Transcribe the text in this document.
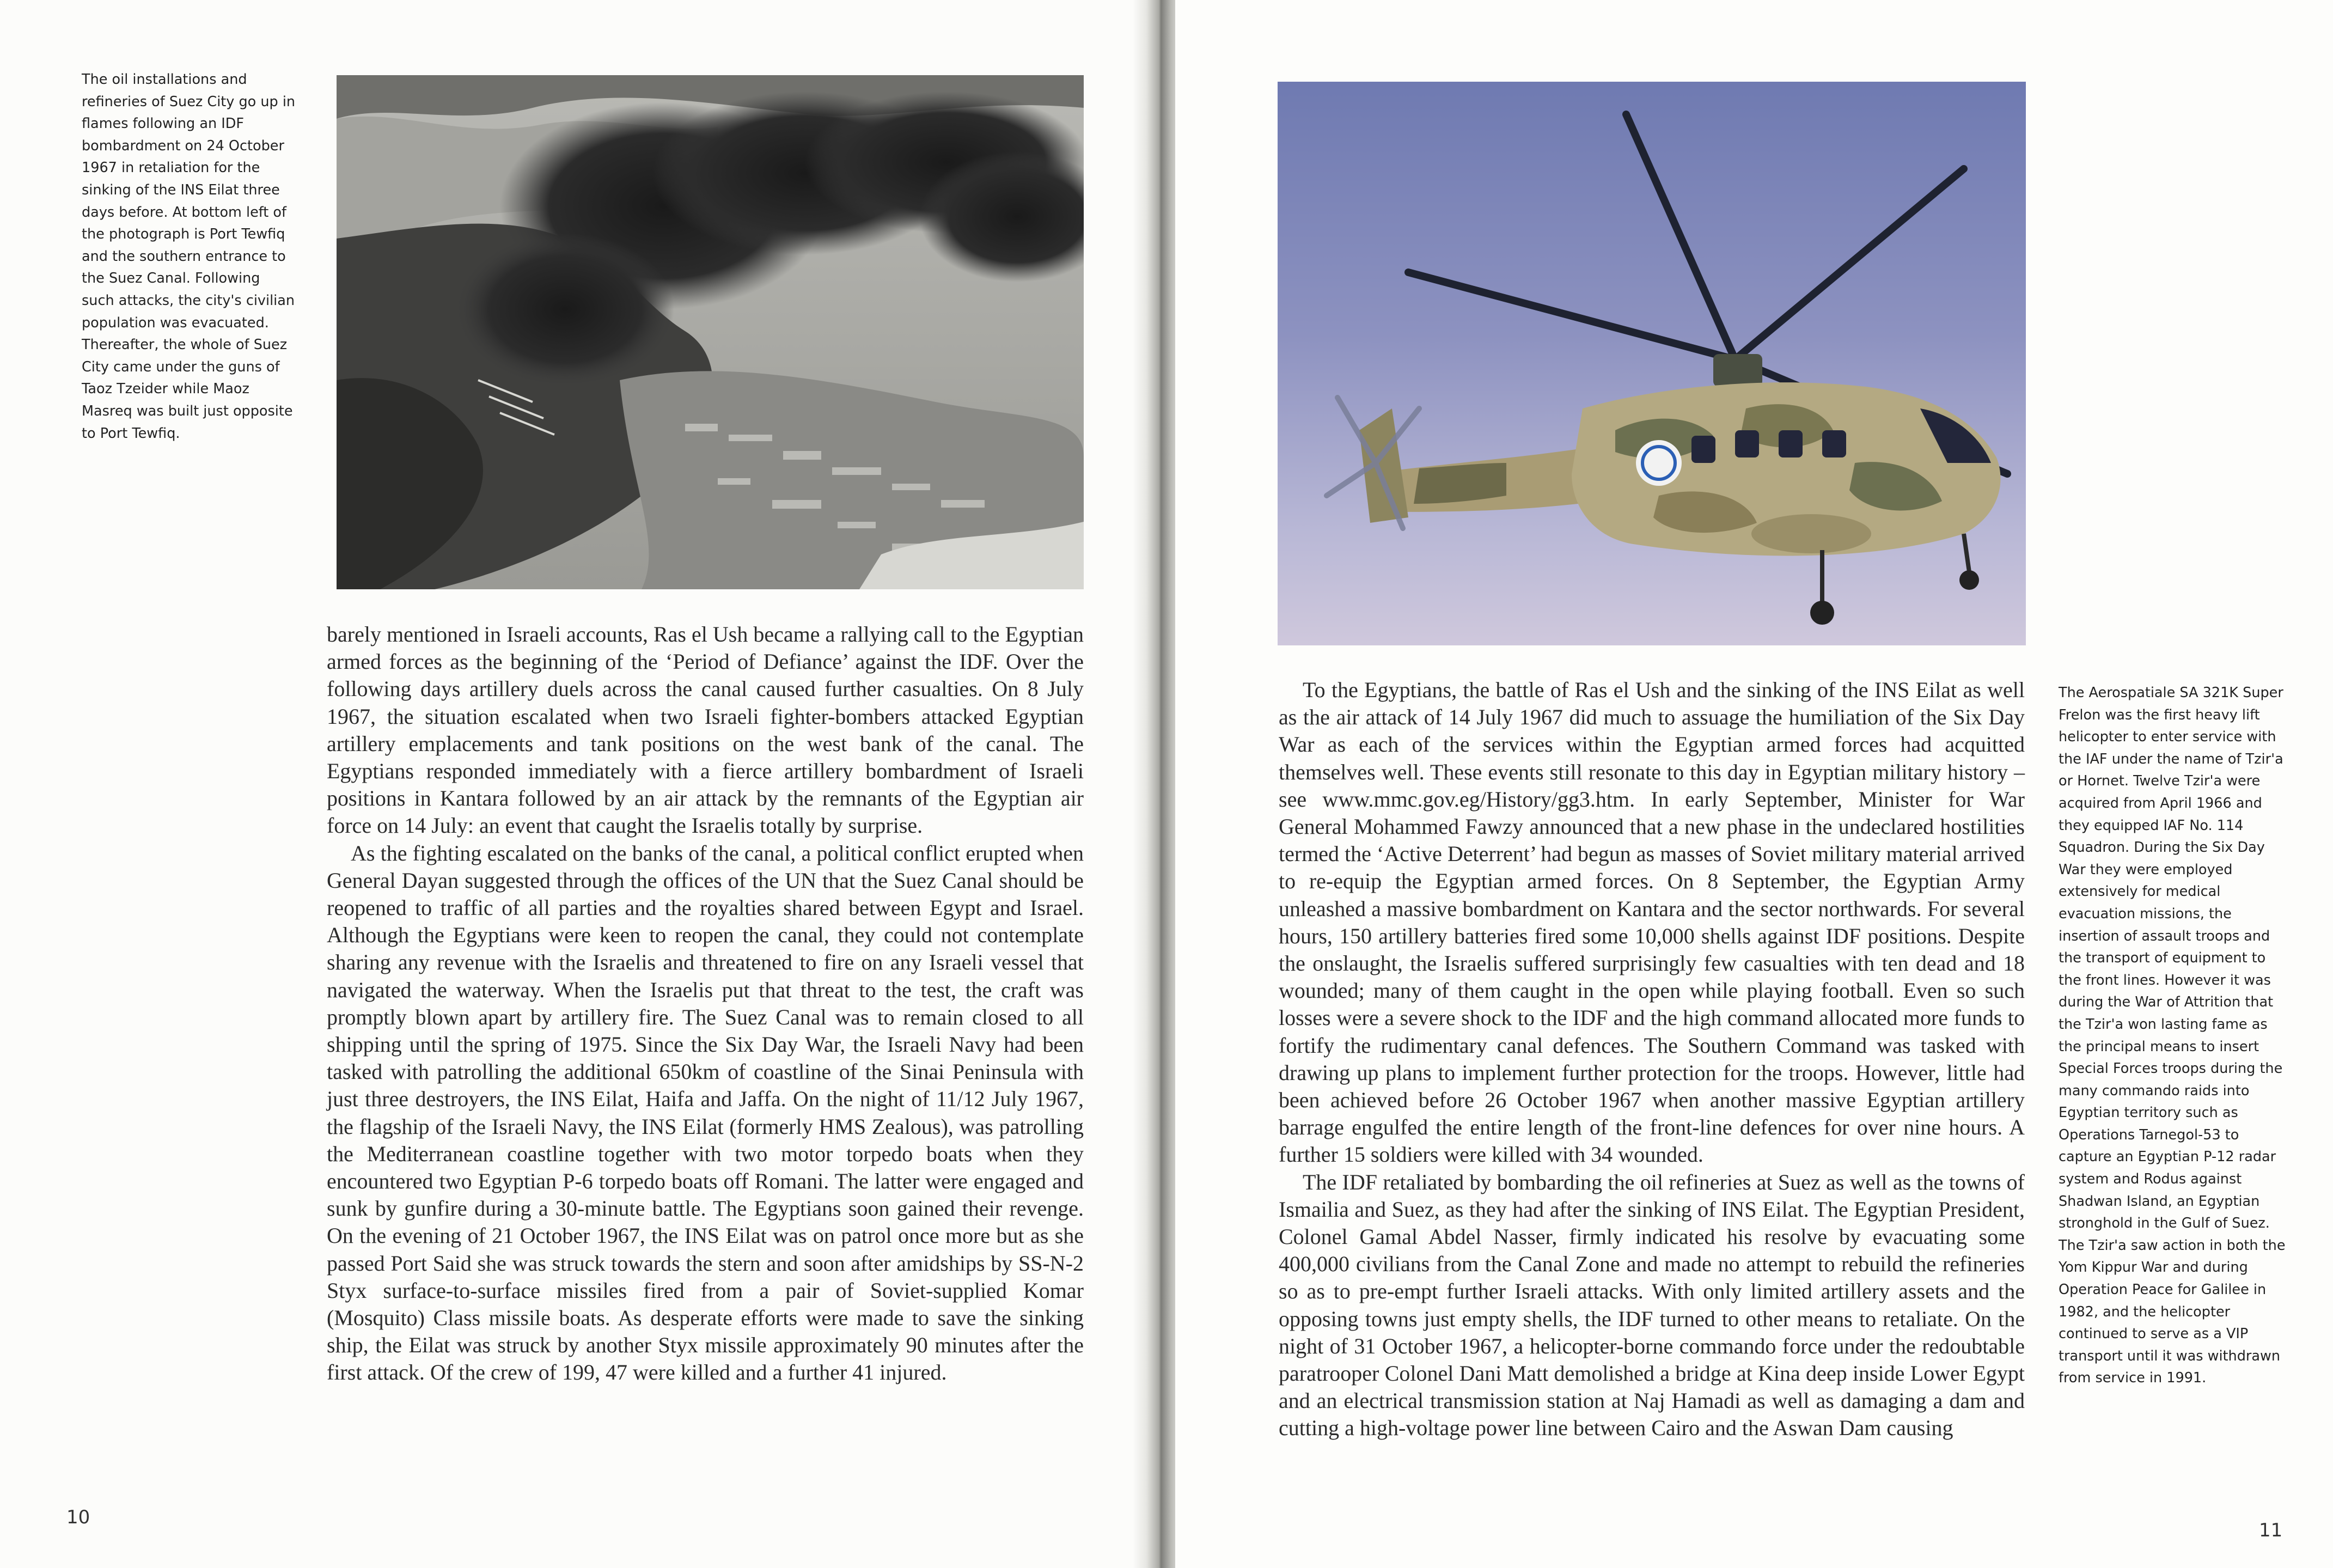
The oil installations and refineries of Suez City go up in flames following an IDF bombardment on 24 October 1967 in retaliation for the sinking of the INS Eilat three days before. At bottom left of the photograph is Port Tewfiq and the southern entrance to the Suez Canal. Following such attacks, the city's civilian population was evacuated. Thereafter, the whole of Suez City came under the guns of Taoz Tzeider while Maoz Masreq was built just opposite to Port Tewfiq.

barely mentioned in Israeli accounts, Ras el Ush became a rallying call to the Egyptian armed forces as the beginning of the ‘Period of Defiance’ against the IDF. Over the following days artillery duels across the canal caused further casualties. On 8 July 1967, the situation escalated when two Israeli fighter-bombers attacked Egyptian artillery emplacements and tank positions on the west bank of the canal. The Egyptians responded immediately with a fierce artillery bombardment of Israeli positions in Kantara followed by an air attack by the remnants of the Egyptian air force on 14 July: an event that caught the Israelis totally by surprise.

As the fighting escalated on the banks of the canal, a political conflict erupted when General Dayan suggested through the offices of the UN that the Suez Canal should be reopened to traffic of all parties and the royalties shared between Egypt and Israel. Although the Egyptians were keen to reopen the canal, they could not contemplate sharing any revenue with the Israelis and threatened to fire on any Israeli vessel that navigated the waterway. When the Israelis put that threat to the test, the craft was promptly blown apart by artillery fire. The Suez Canal was to remain closed to all shipping until the spring of 1975. Since the Six Day War, the Israeli Navy had been tasked with patrolling the additional 650km of coastline of the Sinai Peninsula with just three destroyers, the INS Eilat, Haifa and Jaffa. On the night of 11/12 July 1967, the flagship of the Israeli Navy, the INS Eilat (formerly HMS Zealous), was patrolling the Mediterranean coastline together with two motor torpedo boats when they encountered two Egyptian P-6 torpedo boats off Romani. The latter were engaged and sunk by gunfire during a 30-minute battle. The Egyptians soon gained their revenge. On the evening of 21 October 1967, the INS Eilat was on patrol once more but as she passed Port Said she was struck towards the stern and soon after amidships by SS-N-2 Styx surface-to-surface missiles fired from a pair of Soviet-supplied Komar (Mosquito) Class missile boats. As desperate efforts were made to save the sinking ship, the Eilat was struck by another Styx missile approximately 90 minutes after the first attack. Of the crew of 199, 47 were killed and a further 41 injured.

10

To the Egyptians, the battle of Ras el Ush and the sinking of the INS Eilat as well as the air attack of 14 July 1967 did much to assuage the humiliation of the Six Day War as each of the services within the Egyptian armed forces had acquitted themselves well. These events still resonate to this day in Egyptian military history – see www.mmc.gov.eg/History/gg3.htm. In early September, Minister for War General Mohammed Fawzy announced that a new phase in the undeclared hostilities termed the ‘Active Deterrent’ had begun as masses of Soviet military material arrived to re-equip the Egyptian armed forces. On 8 September, the Egyptian Army unleashed a massive bombardment on Kantara and the sector northwards. For several hours, 150 artillery batteries fired some 10,000 shells against IDF positions. Despite the onslaught, the Israelis suffered surprisingly few casualties with ten dead and 18 wounded; many of them caught in the open while playing football. Even so such losses were a severe shock to the IDF and the high command allocated more funds to fortify the rudimentary canal defences. The Southern Command was tasked with drawing up plans to implement further protection for the troops. However, little had been achieved before 26 October 1967 when another massive Egyptian artillery barrage engulfed the entire length of the front-line defences for over nine hours. A further 15 soldiers were killed with 34 wounded.

The IDF retaliated by bombarding the oil refineries at Suez as well as the towns of Ismailia and Suez, as they had after the sinking of INS Eilat. The Egyptian President, Colonel Gamal Abdel Nasser, firmly indicated his resolve by evacuating some 400,000 civilians from the Canal Zone and made no attempt to rebuild the refineries so as to pre-empt further Israeli attacks. With only limited artillery assets and the opposing towns just empty shells, the IDF turned to other means to retaliate. On the night of 31 October 1967, a helicopter-borne commando force under the redoubtable paratrooper Colonel Dani Matt demolished a bridge at Kina deep inside Lower Egypt and an electrical transmission station at Naj Hamadi as well as damaging a dam and cutting a high-voltage power line between Cairo and the Aswan Dam causing

The Aerospatiale SA 321K Super Frelon was the first heavy lift helicopter to enter service with the IAF under the name of Tzir'a or Hornet. Twelve Tzir'a were acquired from April 1966 and they equipped IAF No. 114 Squadron. During the Six Day War they were employed extensively for medical evacuation missions, the insertion of assault troops and the transport of equipment to the front lines. However it was during the War of Attrition that the Tzir'a won lasting fame as the principal means to insert Special Forces troops during the many commando raids into Egyptian territory such as Operations Tarnegol-53 to capture an Egyptian P-12 radar system and Rodus against Shadwan Island, an Egyptian stronghold in the Gulf of Suez. The Tzir'a saw action in both the Yom Kippur War and during Operation Peace for Galilee in 1982, and the helicopter continued to serve as a VIP transport until it was withdrawn from service in 1991.
11
